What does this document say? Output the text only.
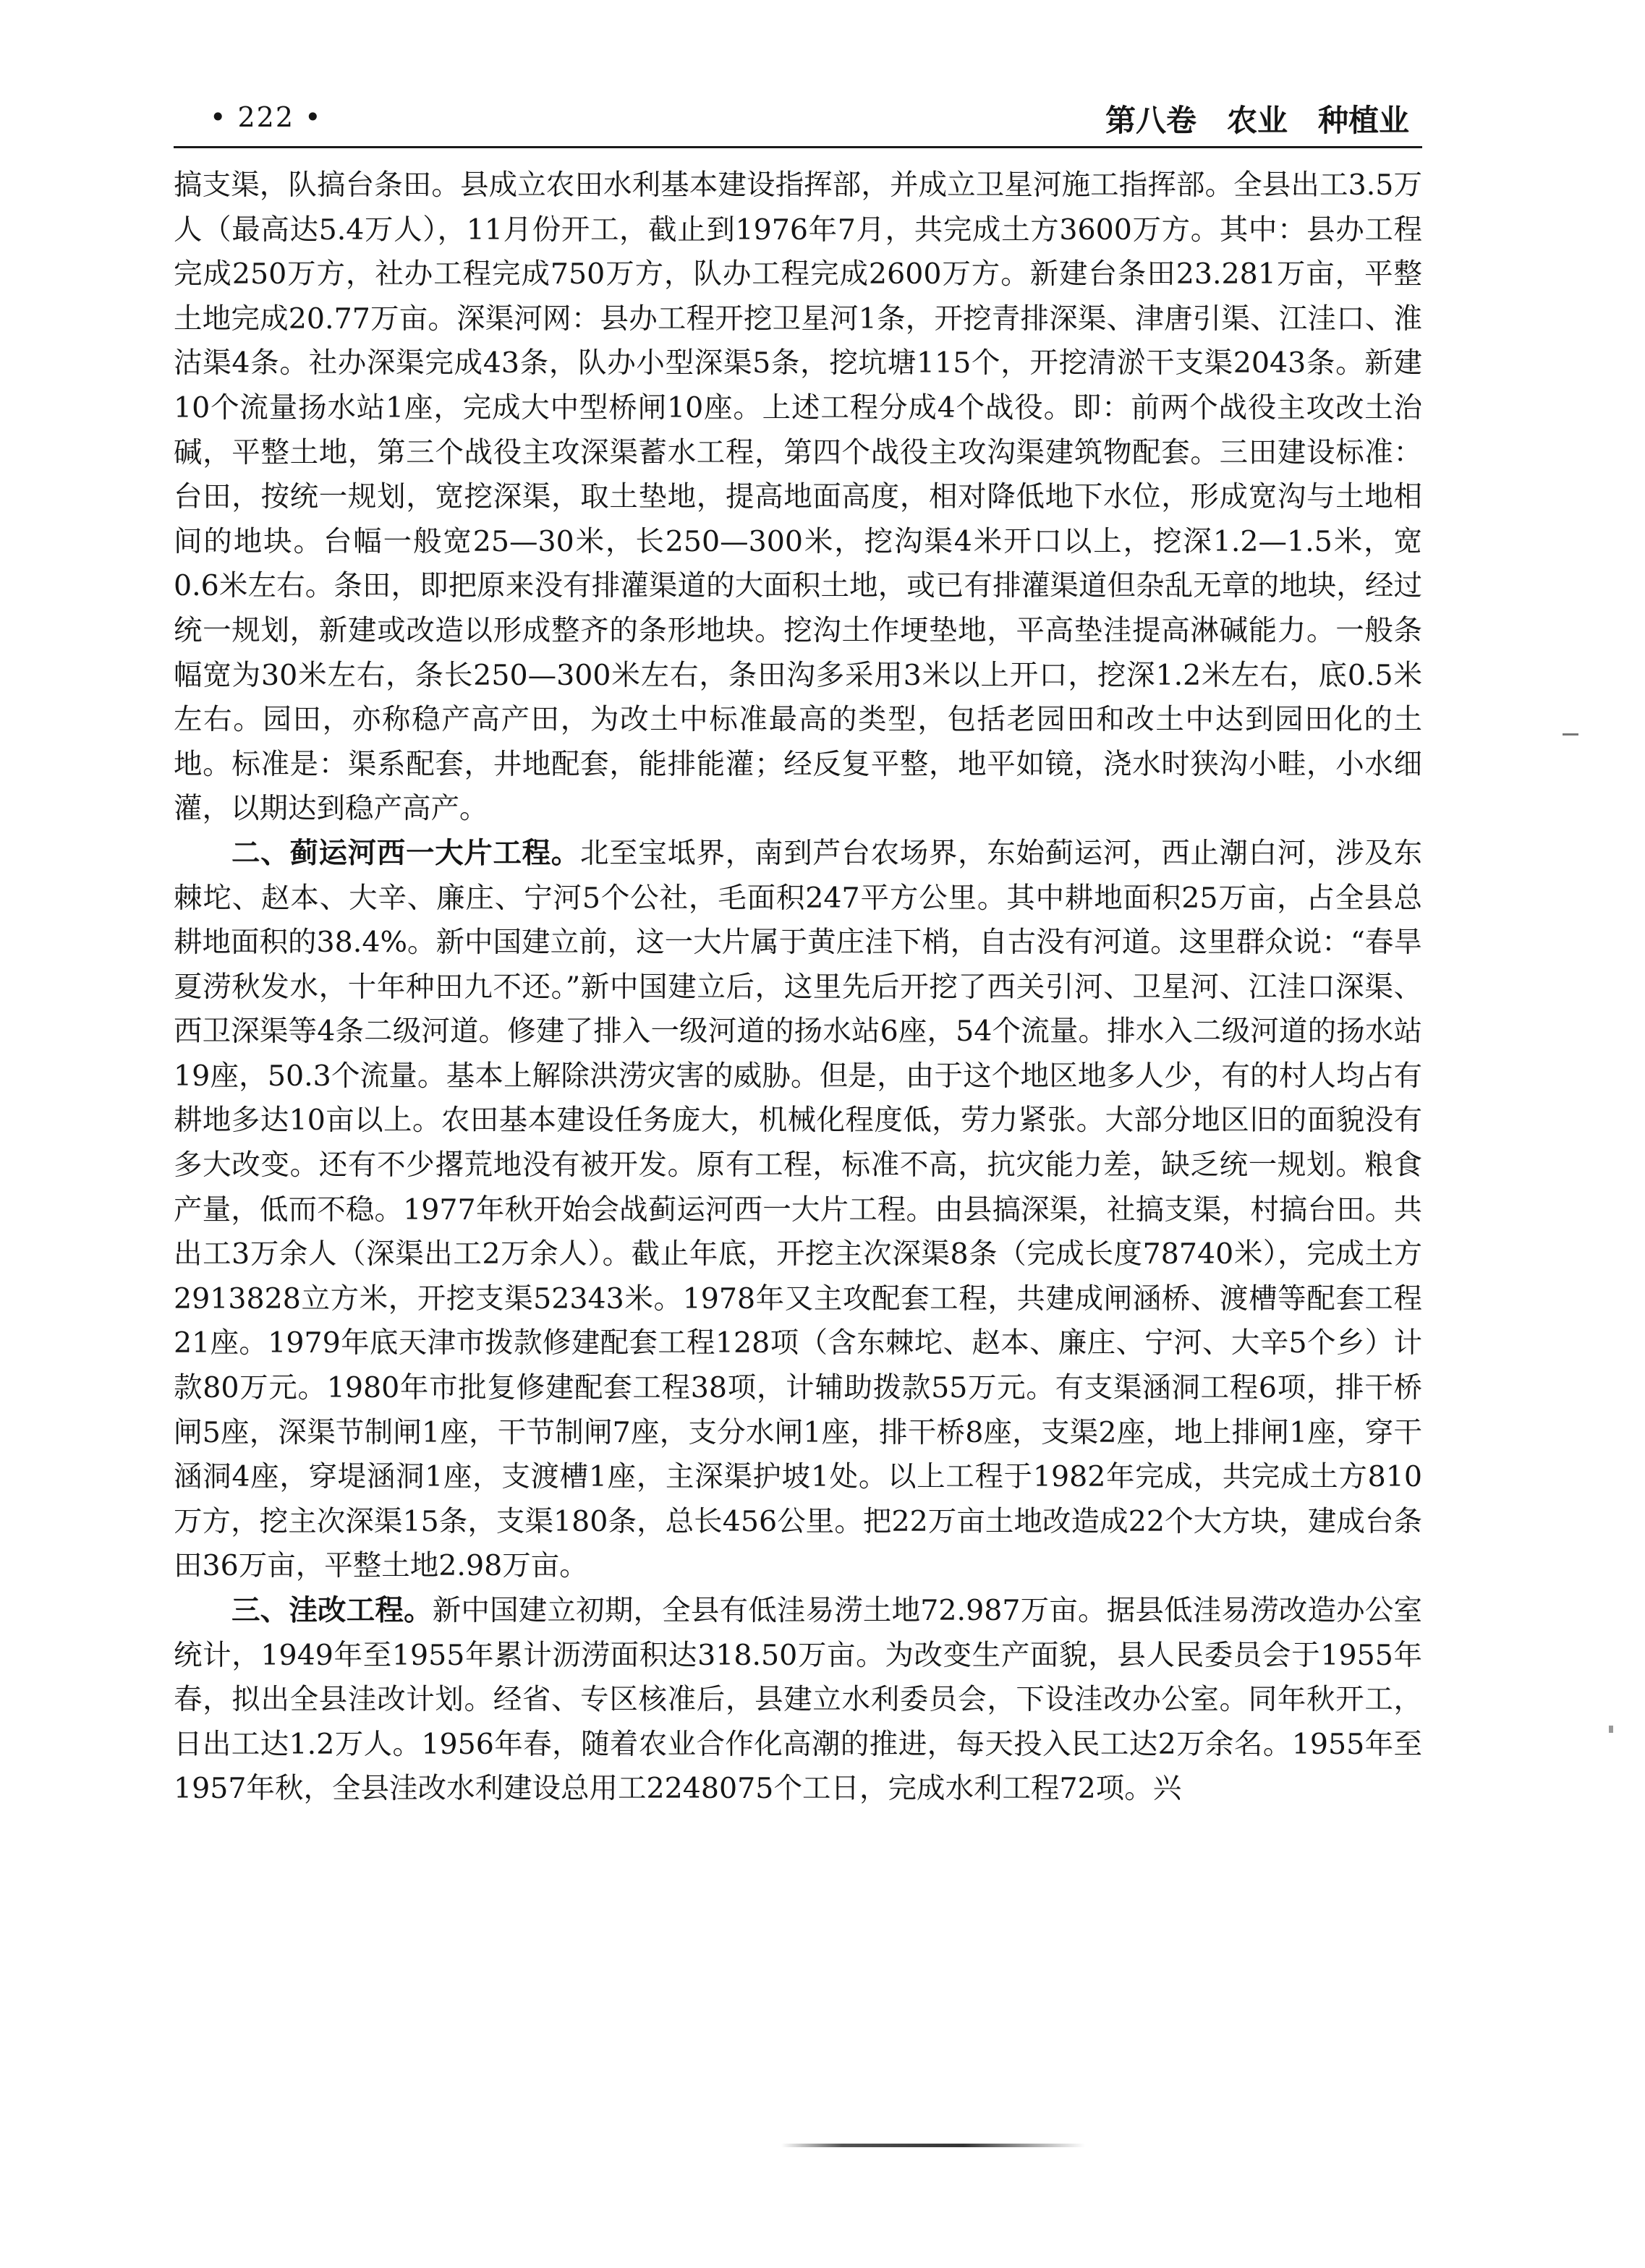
• 222 •	第八卷　农业　种植业

搞支渠，队搞台条田。县成立农田水利基本建设指挥部，并成立卫星河施工指挥部。全县出工3.5万人（最高达5.4万人），11月份开工，截止到1976年7月，共完成土方3600万方。其中：县办工程完成250万方，社办工程完成750万方，队办工程完成2600万方。新建台条田23.281万亩，平整土地完成20.77万亩。深渠河网：县办工程开挖卫星河1条，开挖青排深渠、津唐引渠、江洼口、淮沽渠4条。社办深渠完成43条，队办小型深渠5条，挖坑塘115个，开挖清淤干支渠2043条。新建10个流量扬水站1座，完成大中型桥闸10座。上述工程分成4个战役。即：前两个战役主攻改土治碱，平整土地，第三个战役主攻深渠蓄水工程，第四个战役主攻沟渠建筑物配套。三田建设标准：台田，按统一规划，宽挖深渠，取土垫地，提高地面高度，相对降低地下水位，形成宽沟与土地相间的地块。台幅一般宽25—30米，长250—300米，挖沟渠4米开口以上，挖深1.2—1.5米，宽0.6米左右。条田，即把原来没有排灌渠道的大面积土地，或已有排灌渠道但杂乱无章的地块，经过统一规划，新建或改造以形成整齐的条形地块。挖沟土作埂垫地，平高垫洼提高淋碱能力。一般条幅宽为30米左右，条长250—300米左右，条田沟多采用3米以上开口，挖深1.2米左右，底0.5米左右。园田，亦称稳产高产田，为改土中标准最高的类型，包括老园田和改土中达到园田化的土地。标准是：渠系配套，井地配套，能排能灌；经反复平整，地平如镜，浇水时狭沟小畦，小水细灌，以期达到稳产高产。

二、蓟运河西一大片工程。北至宝坻界，南到芦台农场界，东始蓟运河，西止潮白河，涉及东棘坨、赵本、大辛、廉庄、宁河5个公社，毛面积247平方公里。其中耕地面积25万亩，占全县总耕地面积的38.4%。新中国建立前，这一大片属于黄庄洼下梢，自古没有河道。这里群众说：“春旱夏涝秋发水，十年种田九不还。”新中国建立后，这里先后开挖了西关引河、卫星河、江洼口深渠、西卫深渠等4条二级河道。修建了排入一级河道的扬水站6座，54个流量。排水入二级河道的扬水站19座，50.3个流量。基本上解除洪涝灾害的威胁。但是，由于这个地区地多人少，有的村人均占有耕地多达10亩以上。农田基本建设任务庞大，机械化程度低，劳力紧张。大部分地区旧的面貌没有多大改变。还有不少撂荒地没有被开发。原有工程，标准不高，抗灾能力差，缺乏统一规划。粮食产量，低而不稳。1977年秋开始会战蓟运河西一大片工程。由县搞深渠，社搞支渠，村搞台田。共出工3万余人（深渠出工2万余人）。截止年底，开挖主次深渠8条（完成长度78740米），完成土方2913828立方米，开挖支渠52343米。1978年又主攻配套工程，共建成闸涵桥、渡槽等配套工程21座。1979年底天津市拨款修建配套工程128项（含东棘坨、赵本、廉庄、宁河、大辛5个乡）计款80万元。1980年市批复修建配套工程38项，计辅助拨款55万元。有支渠涵洞工程6项，排干桥闸5座，深渠节制闸1座，干节制闸7座，支分水闸1座，排干桥8座，支渠2座，地上排闸1座，穿干涵洞4座，穿堤涵洞1座，支渡槽1座，主深渠护坡1处。以上工程于1982年完成，共完成土方810万方，挖主次深渠15条，支渠180条，总长456公里。把22万亩土地改造成22个大方块，建成台条田36万亩，平整土地2.98万亩。

三、洼改工程。新中国建立初期，全县有低洼易涝土地72.987万亩。据县低洼易涝改造办公室统计，1949年至1955年累计沥涝面积达318.50万亩。为改变生产面貌，县人民委员会于1955年春，拟出全县洼改计划。经省、专区核准后，县建立水利委员会，下设洼改办公室。同年秋开工，日出工达1.2万人。1956年春，随着农业合作化高潮的推进，每天投入民工达2万余名。1955年至1957年秋，全县洼改水利建设总用工2248075个工日，完成水利工程72项。兴
